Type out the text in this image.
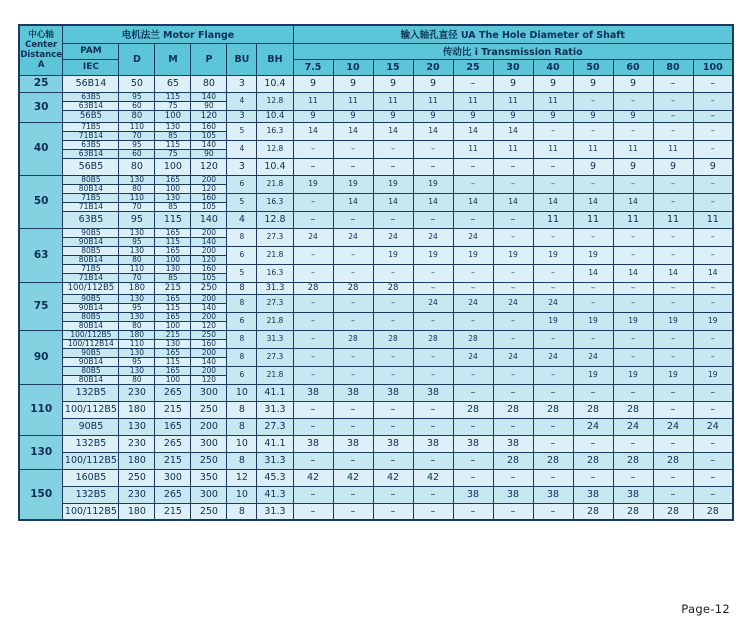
中心轴
Center
Distance
A	电机法兰 Motor Flange						输入轴孔直径 UA The Hole Diameter of Shaft										
	PAM	D	M	P	BU	BH	传动比 i Transmission Ratio										
	IEC						7.5	10	15	20	25	30	40	50	60	80	100
25	56B14	50	65	80	3	10.4	9	9	9	9	–	9	9	9	9	–	–
30	63B5	95	115	140	4	12.8	11	11	11	11	11	11	11	–	–	–	–
	63B14	60	75	90													
	56B5	80	100	120	3	10.4	9	9	9	9	9	9	9	9	9	–	–
40	71B5	110	130	160	5	16.3	14	14	14	14	14	14	–	–	–	–	–
	71B14	70	85	105													
	63B5	95	115	140	4	12.8	–	–	–	–	11	11	11	11	11	11	–
	63B14	60	75	90													
	56B5	80	100	120	3	10.4	–	–	–	–	–	–	–	9	9	9	9
50	80B5	130	165	200	6	21.8	19	19	19	19	–	–	–	–	–	–	–
	80B14	80	100	120													
	71B5	110	130	160	5	16.3	–	14	14	14	14	14	14	14	14	–	–
	71B14	70	85	105													
	63B5	95	115	140	4	12.8	–	–	–	–	–	–	11	11	11	11	11
63	90B5	130	165	200	8	27.3	24	24	24	24	24	–	–	–	–	–	–
	90B14	95	115	140													
	80B5	130	165	200	6	21.8	–	–	19	19	19	19	19	19	–	–	–
	80B14	80	100	120													
	71B5	110	130	160	5	16.3	–	–	–	–	–	–	–	14	14	14	14
	71B14	70	85	105													
75	100/112B5	180	215	250	8	31.3	28	28	28	–	–	–	–	–	–	–	–
	90B5	130	165	200	8	27.3	–	–	–	24	24	24	24	–	–	–	–
	90B14	95	115	140													
	80B5	130	165	200	6	21.8	–	–	–	–	–	–	19	19	19	19	19
	80B14	80	100	120													
90	100/112B5	180	215	250	8	31.3	–	28	28	28	28	–	–	–	–	–	–
	100/112B14	110	130	160													
	90B5	130	165	200	8	27.3	–	–	–	–	24	24	24	24	–	–	–
	90B14	95	115	140													
	80B5	130	165	200	6	21.8	–	–	–	–	–	–	–	19	19	19	19
	80B14	80	100	120													
110	132B5	230	265	300	10	41.1	38	38	38	38	–	–	–	–	–	–	–
	100/112B5	180	215	250	8	31.3	–	–	–	–	28	28	28	28	28	–	–
	90B5	130	165	200	8	27.3	–	–	–	–	–	–	–	24	24	24	24
130	132B5	230	265	300	10	41.1	38	38	38	38	38	38	–	–	–	–	–
	100/112B5	180	215	250	8	31.3	–	–	–	–	–	28	28	28	28	28	–
150	160B5	250	300	350	12	45.3	42	42	42	42	–	–	–	–	–	–	–
	132B5	230	265	300	10	41.3	–	–	–	–	38	38	38	38	38	–	–
	100/112B5	180	215	250	8	31.3	–	–	–	–	–	–	–	28	28	28	28
Page-12
